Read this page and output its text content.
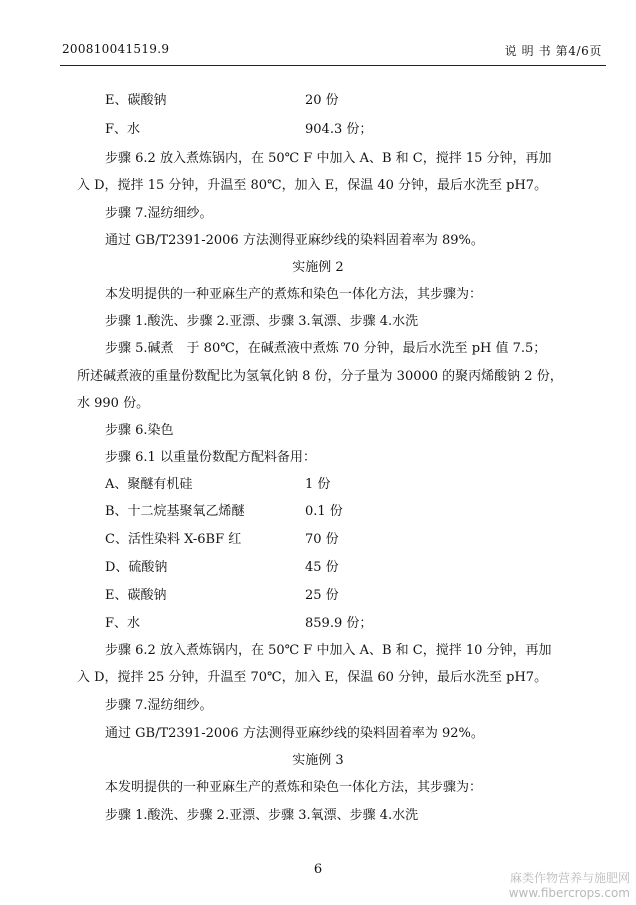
200810041519.9	说 明 书 第4/6页
E、碳酸钠	20 份
F、水	904.3 份；
步骤 6.2 放入煮炼锅内，在 50℃ F 中加入 A、B 和 C，搅拌 15 分钟，再加
入 D，搅拌 15 分钟，升温至 80℃，加入 E，保温 40 分钟，最后水洗至 pH7。
步骤 7.湿纺细纱。
通过 GB/T2391-2006 方法测得亚麻纱线的染料固着率为 89%。
实施例 2
本发明提供的一种亚麻生产的煮炼和染色一体化方法，其步骤为：
步骤 1.酸洗、步骤 2.亚漂、步骤 3.氧漂、步骤 4.水洗
步骤 5.碱煮　于 80℃，在碱煮液中煮炼 70 分钟，最后水洗至 pH 值 7.5；
所述碱煮液的重量份数配比为氢氧化钠 8 份，分子量为 30000 的聚丙烯酸钠 2 份，
水 990 份。
步骤 6.染色
步骤 6.1 以重量份数配方配料备用：
A、聚醚有机硅	1 份
B、十二烷基聚氧乙烯醚	0.1 份
C、活性染料 X-6BF 红	70 份
D、硫酸钠	45 份
E、碳酸钠	25 份
F、水	859.9 份；
步骤 6.2 放入煮炼锅内，在 50℃ F 中加入 A、B 和 C，搅拌 10 分钟，再加
入 D，搅拌 25 分钟，升温至 70℃，加入 E，保温 60 分钟，最后水洗至 pH7。
步骤 7.湿纺细纱。
通过 GB/T2391-2006 方法测得亚麻纱线的染料固着率为 92%。
实施例 3
本发明提供的一种亚麻生产的煮炼和染色一体化方法，其步骤为：
步骤 1.酸洗、步骤 2.亚漂、步骤 3.氧漂、步骤 4.水洗
6
麻类作物营养与施肥网
www.fibercrops.com
